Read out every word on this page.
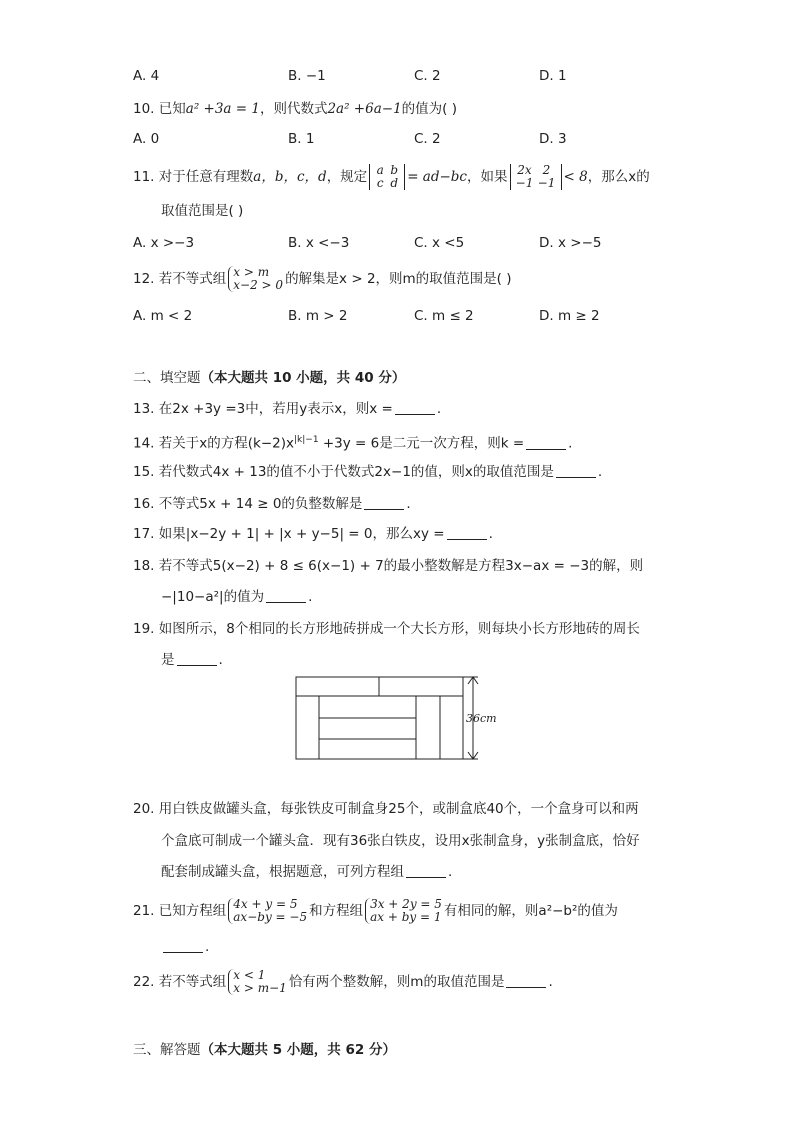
A. 4	B. −1	C. 2	D. 1
10. 已知a² +3a = 1，则代数式2a² +6a−1的值为( )
A. 0	B. 1	C. 2	D. 3
11. 对于任意有理数a，b，c，d，规定 a b
c d = ad−bc，如果 2x 2
−1 −1 < 8，那么x的
取值范围是( )
A. x >−3	B. x <−3	C. x <5	D. x >−5
12. 若不等式组 x > m
x−2 > 0 的解集是x > 2，则m的取值范围是( )
A. m < 2	B. m > 2	C. m ≤ 2	D. m ≥ 2
二、填空题（本大题共 10 小题，共 40 分）
13. 在2x +3y =3中，若用y表示x，则x =	.
14. 若关于x的方程$(k-2)x^{|k|-1} +3y = 6$是二元一次方程，则k =	.
15. 若代数式4x + 13的值不小于代数式2x−1的值，则x的取值范围是	.
16. 不等式5x + 14 ≥ 0的负整数解是	.
17. 如果|x−2y + 1| + |x + y−5| = 0，那么xy =	.
18. 若不等式5(x−2) + 8 ≤ 6(x−1) + 7的最小整数解是方程3x−ax = −3的解，则
−|10−a²|的值为	.
19. 如图所示，8个相同的长方形地砖拼成一个大长方形，则每块小长方形地砖的周长
是	.
36cm
20. 用白铁皮做罐头盒，每张铁皮可制盒身25个，或制盒底40个，一个盒身可以和两
个盒底可制成一个罐头盒．现有36张白铁皮，设用x张制盒身，y张制盒底，恰好
配套制成罐头盒，根据题意，可列方程组	.
21. 已知方程组 4x + y = 5
ax−by = −5 和方程组 3x + 2y = 5
ax + by = 1 有相同的解，则a²−b²的值为
.
22. 若不等式组 x < 1
x > m−1 恰有两个整数解，则m的取值范围是	.
三、解答题（本大题共 5 小题，共 62 分）
